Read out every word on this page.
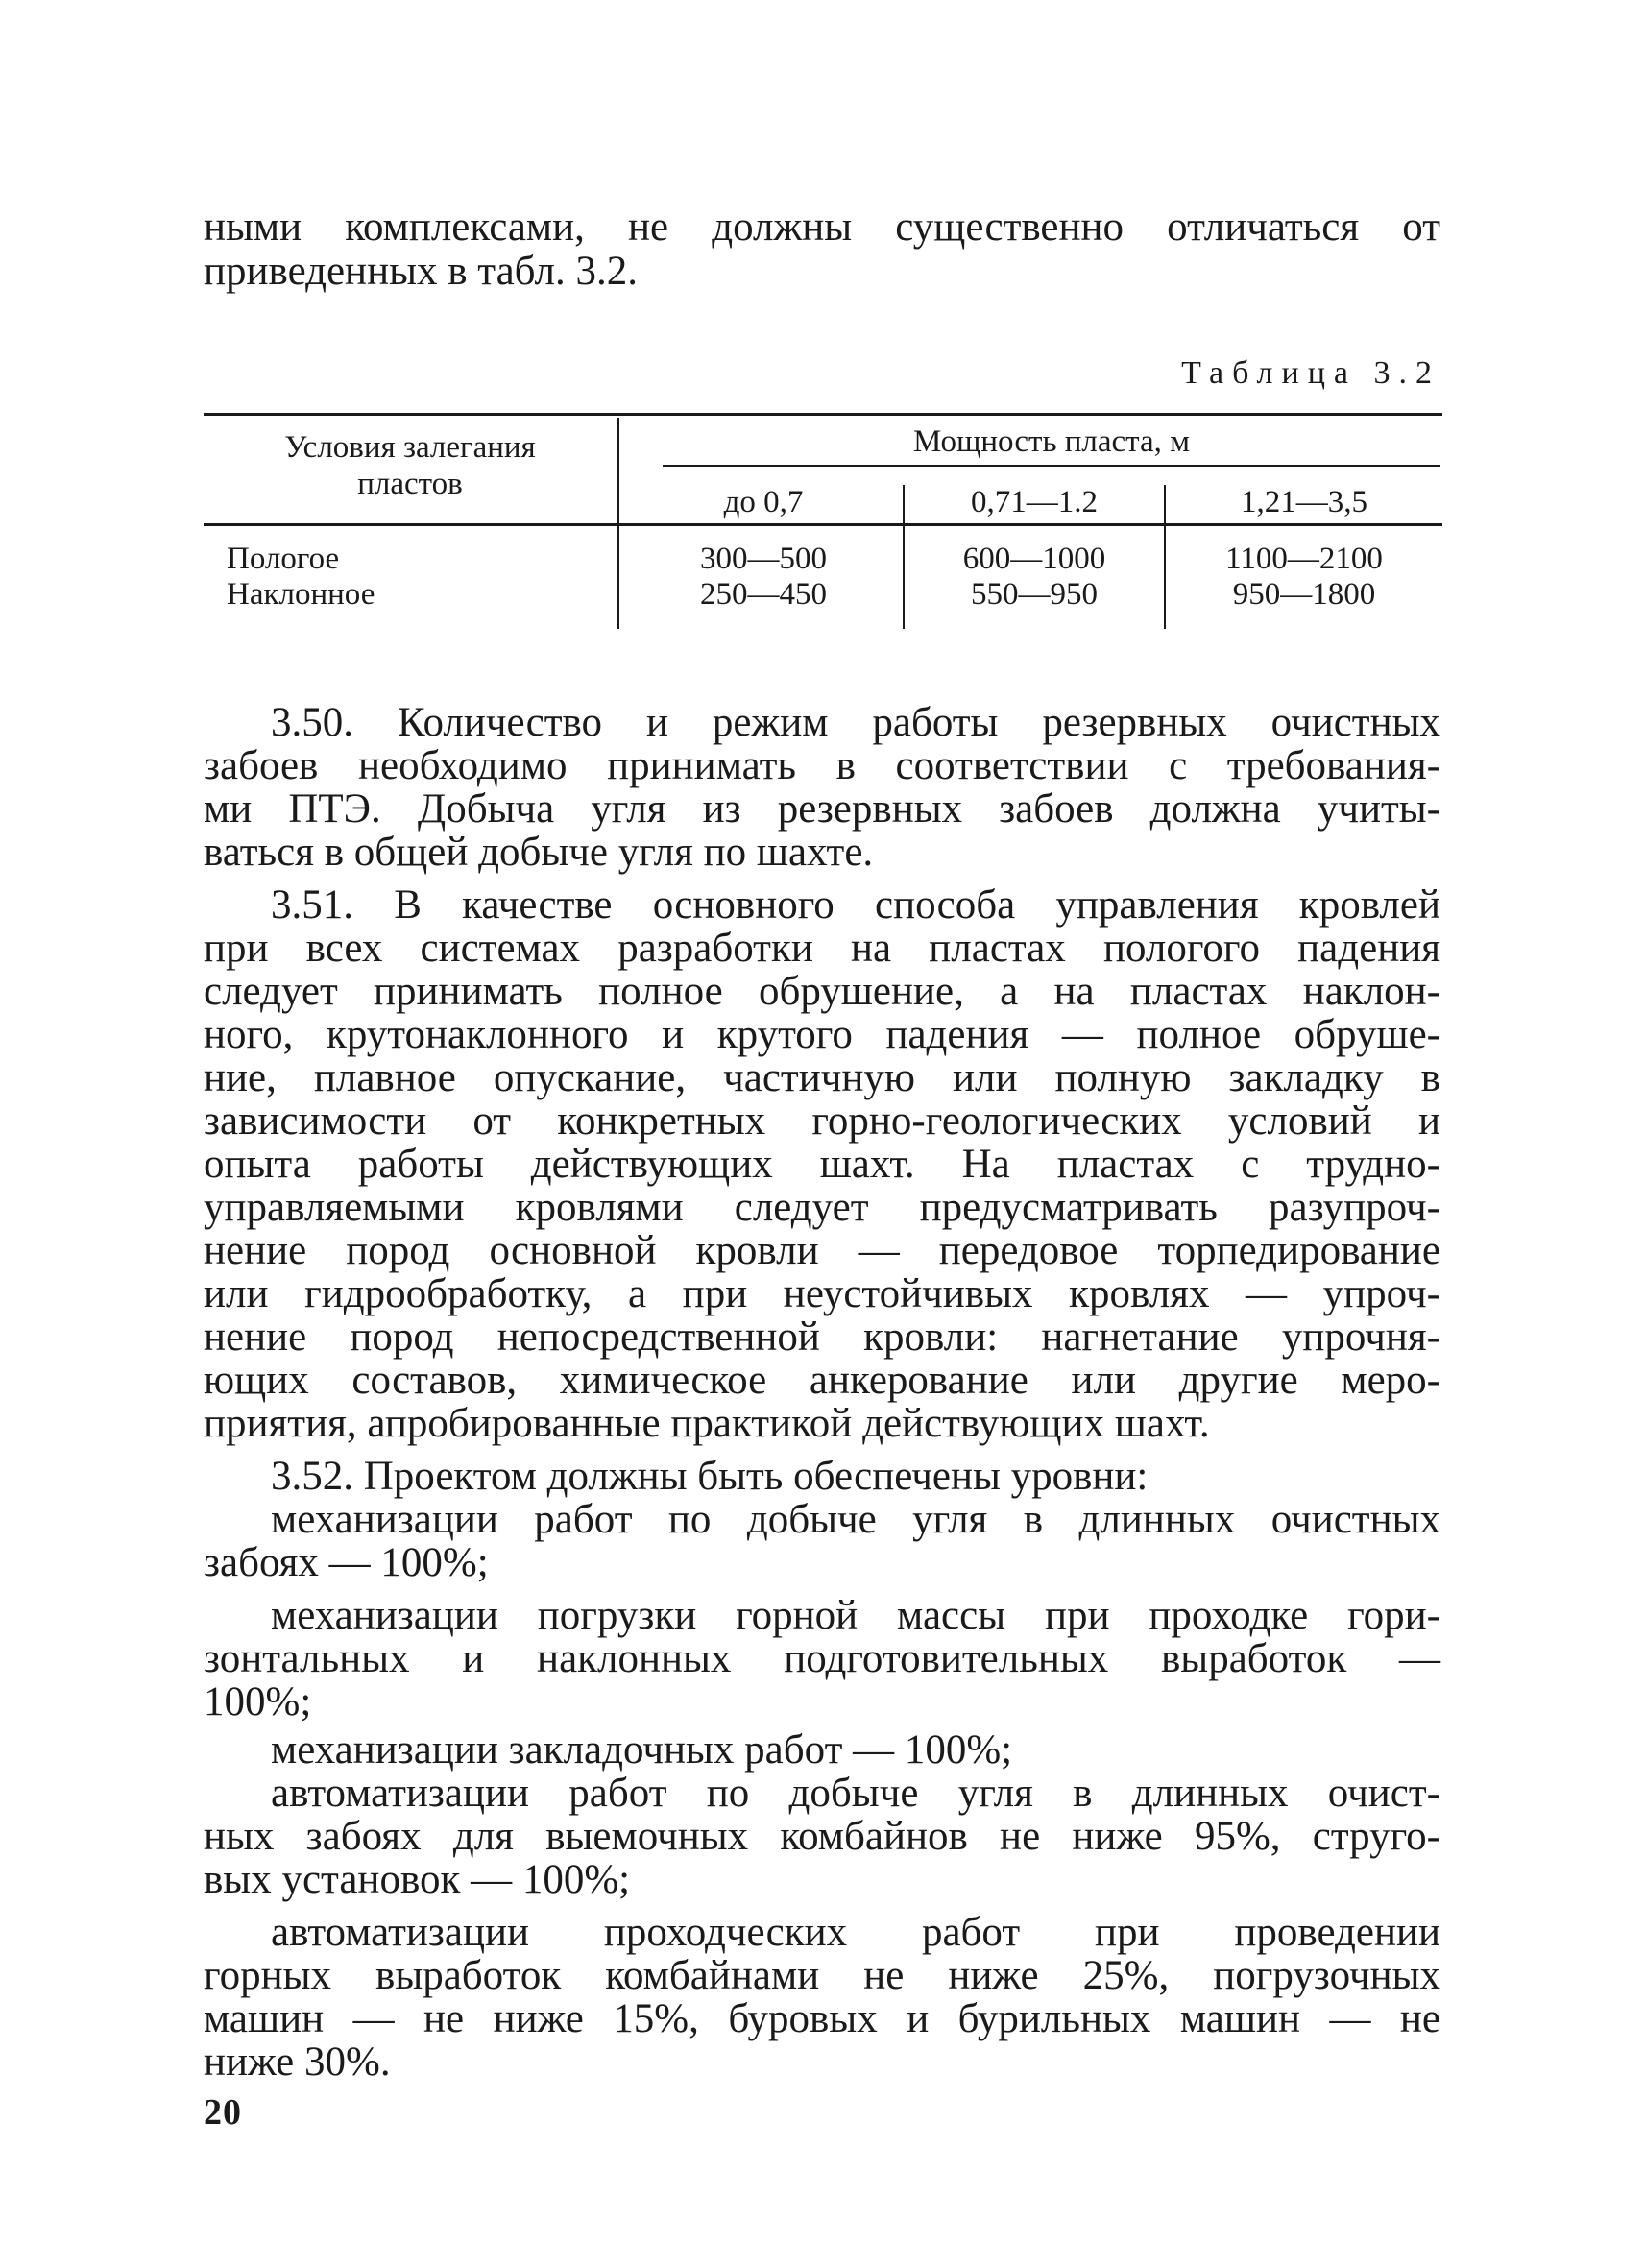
ными комплексами, не должны существенно отличаться от
приведенных в табл. 3.2.
Таблица 3.2
Условия залегания
пластов
Мощность пласта, м
до 0,7	0,71—1.2	1,21—3,5
Пологое	300—500	600—1000	1100—2100
Наклонное	250—450	550—950	950—1800
3.50. Количество и режим работы резервных очистных
забоев необходимо принимать в соответствии с требования-
ми ПТЭ. Добыча угля из резервных забоев должна учиты-
ваться в общей добыче угля по шахте.
3.51. В качестве основного способа управления кровлей
при всех системах разработки на пластах пологого падения
следует принимать полное обрушение, а на пластах наклон-
ного, крутонаклонного и крутого падения — полное обруше-
ние, плавное опускание, частичную или полную закладку в
зависимости от конкретных горно-геологических условий и
опыта работы действующих шахт. На пластах с трудно-
управляемыми кровлями следует предусматривать разупроч-
нение пород основной кровли — передовое торпедирование
или гидрообработку, а при неустойчивых кровлях — упроч-
нение пород непосредственной кровли: нагнетание упрочня-
ющих составов, химическое анкерование или другие меро-
приятия, апробированные практикой действующих шахт.
3.52. Проектом должны быть обеспечены уровни:
механизации работ по добыче угля в длинных очистных
забоях — 100%;
механизации погрузки горной массы при проходке гори-
зонтальных и наклонных подготовительных выработок —
100%;
механизации закладочных работ — 100%;
автоматизации работ по добыче угля в длинных очист-
ных забоях для выемочных комбайнов не ниже 95%, струго-
вых установок — 100%;
автоматизации проходческих работ при проведении
горных выработок комбайнами не ниже 25%, погрузочных
машин — не ниже 15%, буровых и бурильных машин — не
ниже 30%.
20
